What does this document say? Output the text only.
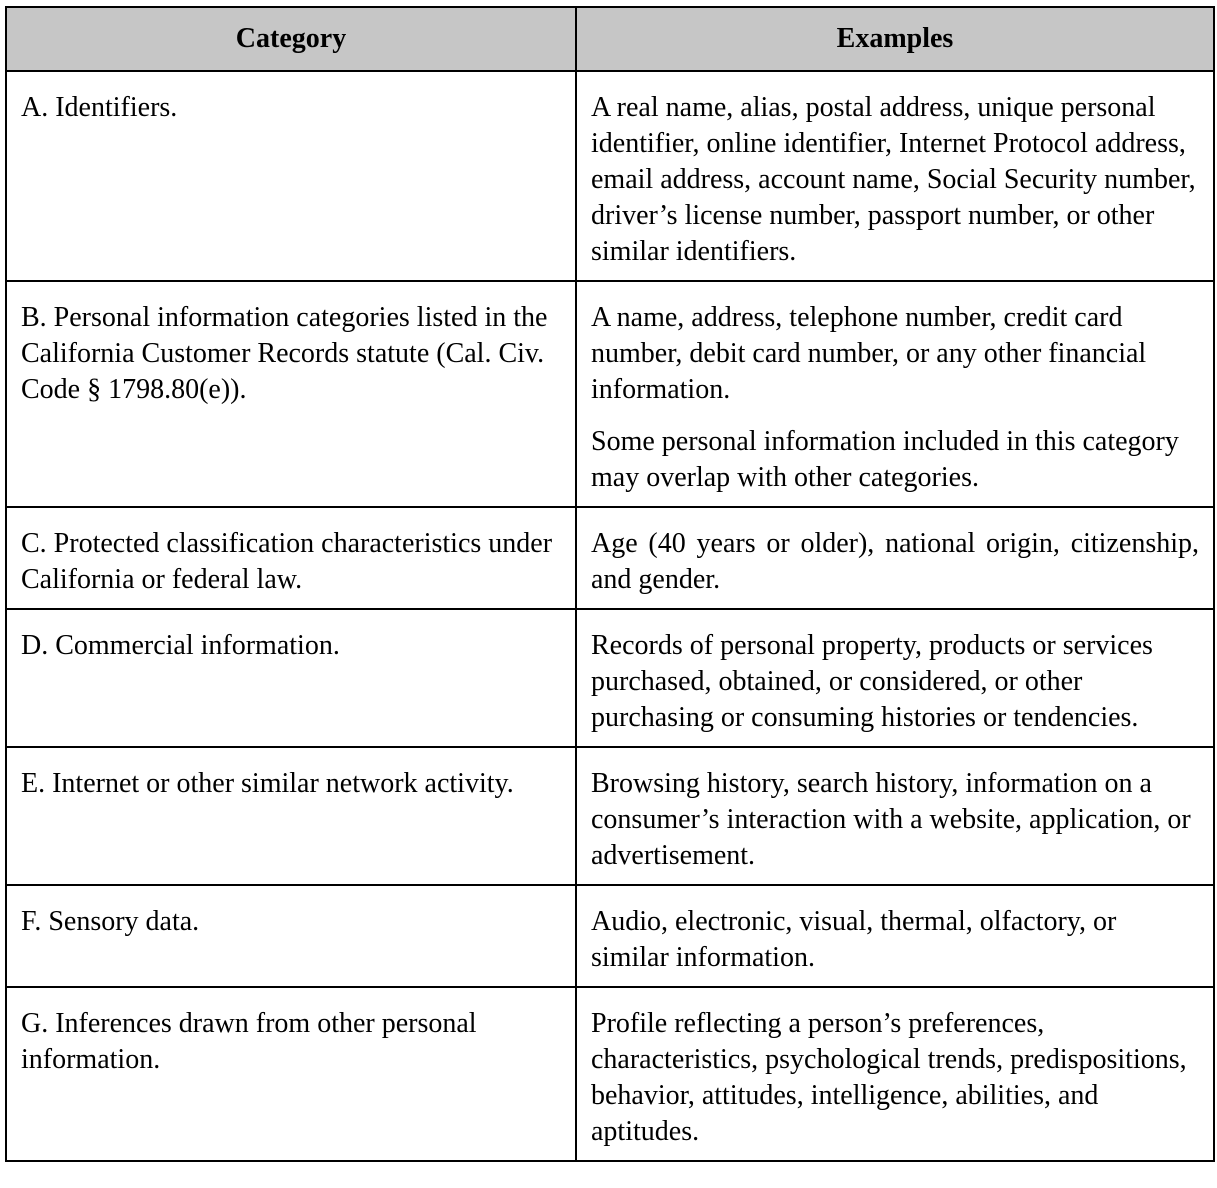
Category	Examples
A. Identifiers.	A real name, alias, postal address, unique personal identifier, online identifier, Internet Protocol address, email address, account name, Social Security number, driver’s license number, passport number, or other similar identifiers.

B. Personal information categories listed in the California Customer Records statute (Cal. Civ. Code § 1798.80(e)).	A name, address, telephone number, credit card number, debit card number, or any other financial information.

Some personal information included in this category may overlap with other categories.

C. Protected classification characteristics under California or federal law.	Age (40 years or older), national origin, citizenship, and gender.

D. Commercial information.	Records of personal property, products or services purchased, obtained, or considered, or other purchasing or consuming histories or tendencies.

E. Internet or other similar network activity.	Browsing history, search history, information on a consumer’s interaction with a website, application, or advertisement.

F. Sensory data.	Audio, electronic, visual, thermal, olfactory, or similar information.

G. Inferences drawn from other personal information.	Profile reflecting a person’s preferences, characteristics, psychological trends, predispositions, behavior, attitudes, intelligence, abilities, and aptitudes.
